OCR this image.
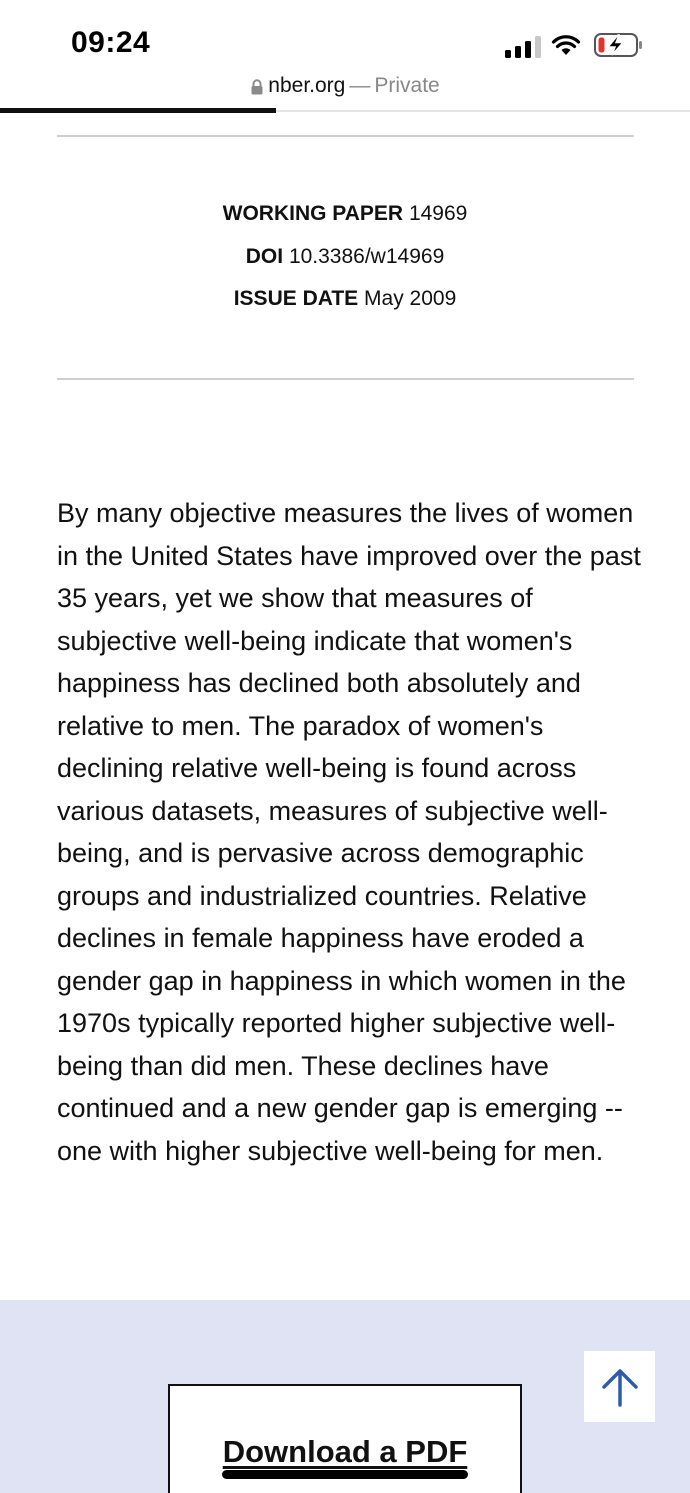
09:24
nber.org — Private
WORKING PAPER 14969
DOI 10.3386/w14969
ISSUE DATE May 2009

By many objective measures the lives of women in the United States have improved over the past 35 years, yet we show that measures of subjective well-being indicate that women's happiness has declined both absolutely and relative to men. The paradox of women's declining relative well-being is found across various datasets, measures of subjective well-being, and is pervasive across demographic groups and industrialized countries. Relative declines in female happiness have eroded a gender gap in happiness in which women in the 1970s typically reported higher subjective well-being than did men. These declines have continued and a new gender gap is emerging -- one with higher subjective well-being for men.

Download a PDF
